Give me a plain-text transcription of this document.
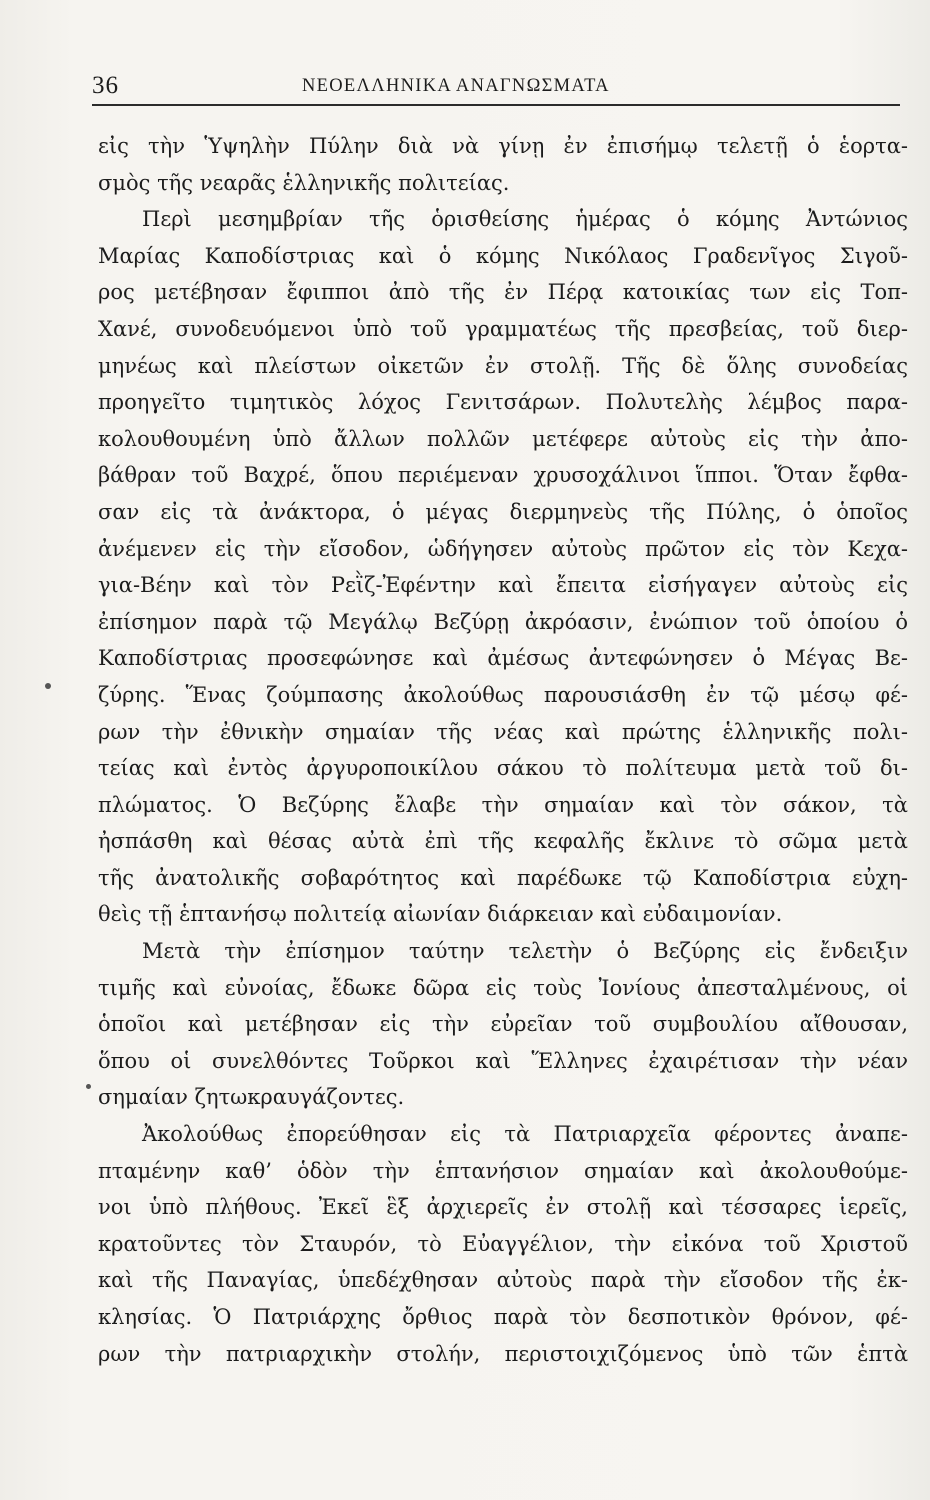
36	ΝΕΟΕΛΛΗΝΙΚΑ ΑΝΑΓΝΩΣΜΑΤΑ
εἰς τὴν Ὑψηλὴν Πύλην διὰ νὰ γίνῃ ἐν ἐπισήμῳ τελετῇ ὁ ἑορτα-
σμὸς τῆς νεαρᾶς ἑλληνικῆς πολιτείας.
Περὶ μεσημβρίαν τῆς ὁρισθείσης ἡμέρας ὁ κόμης Ἀντώνιος
Μαρίας Καποδίστριας καὶ ὁ κόμης Νικόλαος Γραδενῖγος Σιγοῦ-
ρος μετέβησαν ἔφιπποι ἀπὸ τῆς ἐν Πέρᾳ κατοικίας των εἰς Τοπ-
Χανέ, συνοδευόμενοι ὑπὸ τοῦ γραμματέως τῆς πρεσβείας, τοῦ διερ-
μηνέως καὶ πλείστων οἰκετῶν ἐν στολῇ. Τῆς δὲ ὅλης συνοδείας
προηγεῖτο τιμητικὸς λόχος Γενιτσάρων. Πολυτελὴς λέμβος παρα-
κολουθουμένη ὑπὸ ἄλλων πολλῶν μετέφερε αὐτοὺς εἰς τὴν ἀπο-
βάθραν τοῦ Βαχρέ, ὅπου περιέμεναν χρυσοχάλινοι ἵπποι. Ὅταν ἔφθα-
σαν εἰς τὰ ἀνάκτορα, ὁ μέγας διερμηνεὺς τῆς Πύλης, ὁ ὁποῖος
ἀνέμενεν εἰς τὴν εἴσοδον, ὡδήγησεν αὐτοὺς πρῶτον εἰς τὸν Κεχα-
για-Βέην καὶ τὸν Ρεῒζ-Ἐφέντην καὶ ἔπειτα εἰσήγαγεν αὐτοὺς εἰς
ἐπίσημον παρὰ τῷ Μεγάλῳ Βεζύρῃ ἀκρόασιν, ἐνώπιον τοῦ ὁποίου ὁ
Καποδίστριας προσεφώνησε καὶ ἀμέσως ἀντεφώνησεν ὁ Μέγας Βε-
ζύρης. Ἕνας ζούμπασης ἀκολούθως παρουσιάσθη ἐν τῷ μέσῳ φέ-
ρων τὴν ἐθνικὴν σημαίαν τῆς νέας καὶ πρώτης ἑλληνικῆς πολι-
τείας καὶ ἐντὸς ἀργυροποικίλου σάκου τὸ πολίτευμα μετὰ τοῦ δι-
πλώματος. Ὁ Βεζύρης ἔλαβε τὴν σημαίαν καὶ τὸν σάκον, τὰ
ἠσπάσθη καὶ θέσας αὐτὰ ἐπὶ τῆς κεφαλῆς ἔκλινε τὸ σῶμα μετὰ
τῆς ἀνατολικῆς σοβαρότητος καὶ παρέδωκε τῷ Καποδίστρια εὐχη-
θεὶς τῇ ἑπτανήσῳ πολιτείᾳ αἰωνίαν διάρκειαν καὶ εὐδαιμονίαν.
Μετὰ τὴν ἐπίσημον ταύτην τελετὴν ὁ Βεζύρης εἰς ἔνδειξιν
τιμῆς καὶ εὐνοίας, ἔδωκε δῶρα εἰς τοὺς Ἰονίους ἀπεσταλμένους, οἱ
ὁποῖοι καὶ μετέβησαν εἰς τὴν εὐρεῖαν τοῦ συμβουλίου αἴθουσαν,
ὅπου οἱ συνελθόντες Τοῦρκοι καὶ Ἕλληνες ἐχαιρέτισαν τὴν νέαν
σημαίαν ζητωκραυγάζοντες.
Ἀκολούθως ἐπορεύθησαν εἰς τὰ Πατριαρχεῖα φέροντες ἀναπε-
πταμένην καθ’ ὁδὸν τὴν ἑπτανήσιον σημαίαν καὶ ἀκολουθούμε-
νοι ὑπὸ πλήθους. Ἐκεῖ ἓξ ἀρχιερεῖς ἐν στολῇ καὶ τέσσαρες ἱερεῖς,
κρατοῦντες τὸν Σταυρόν, τὸ Εὐαγγέλιον, τὴν εἰκόνα τοῦ Χριστοῦ
καὶ τῆς Παναγίας, ὑπεδέχθησαν αὐτοὺς παρὰ τὴν εἴσοδον τῆς ἐκ-
κλησίας. Ὁ Πατριάρχης ὄρθιος παρὰ τὸν δεσποτικὸν θρόνον, φέ-
ρων τὴν πατριαρχικὴν στολήν, περιστοιχιζόμενος ὑπὸ τῶν ἑπτὰ
